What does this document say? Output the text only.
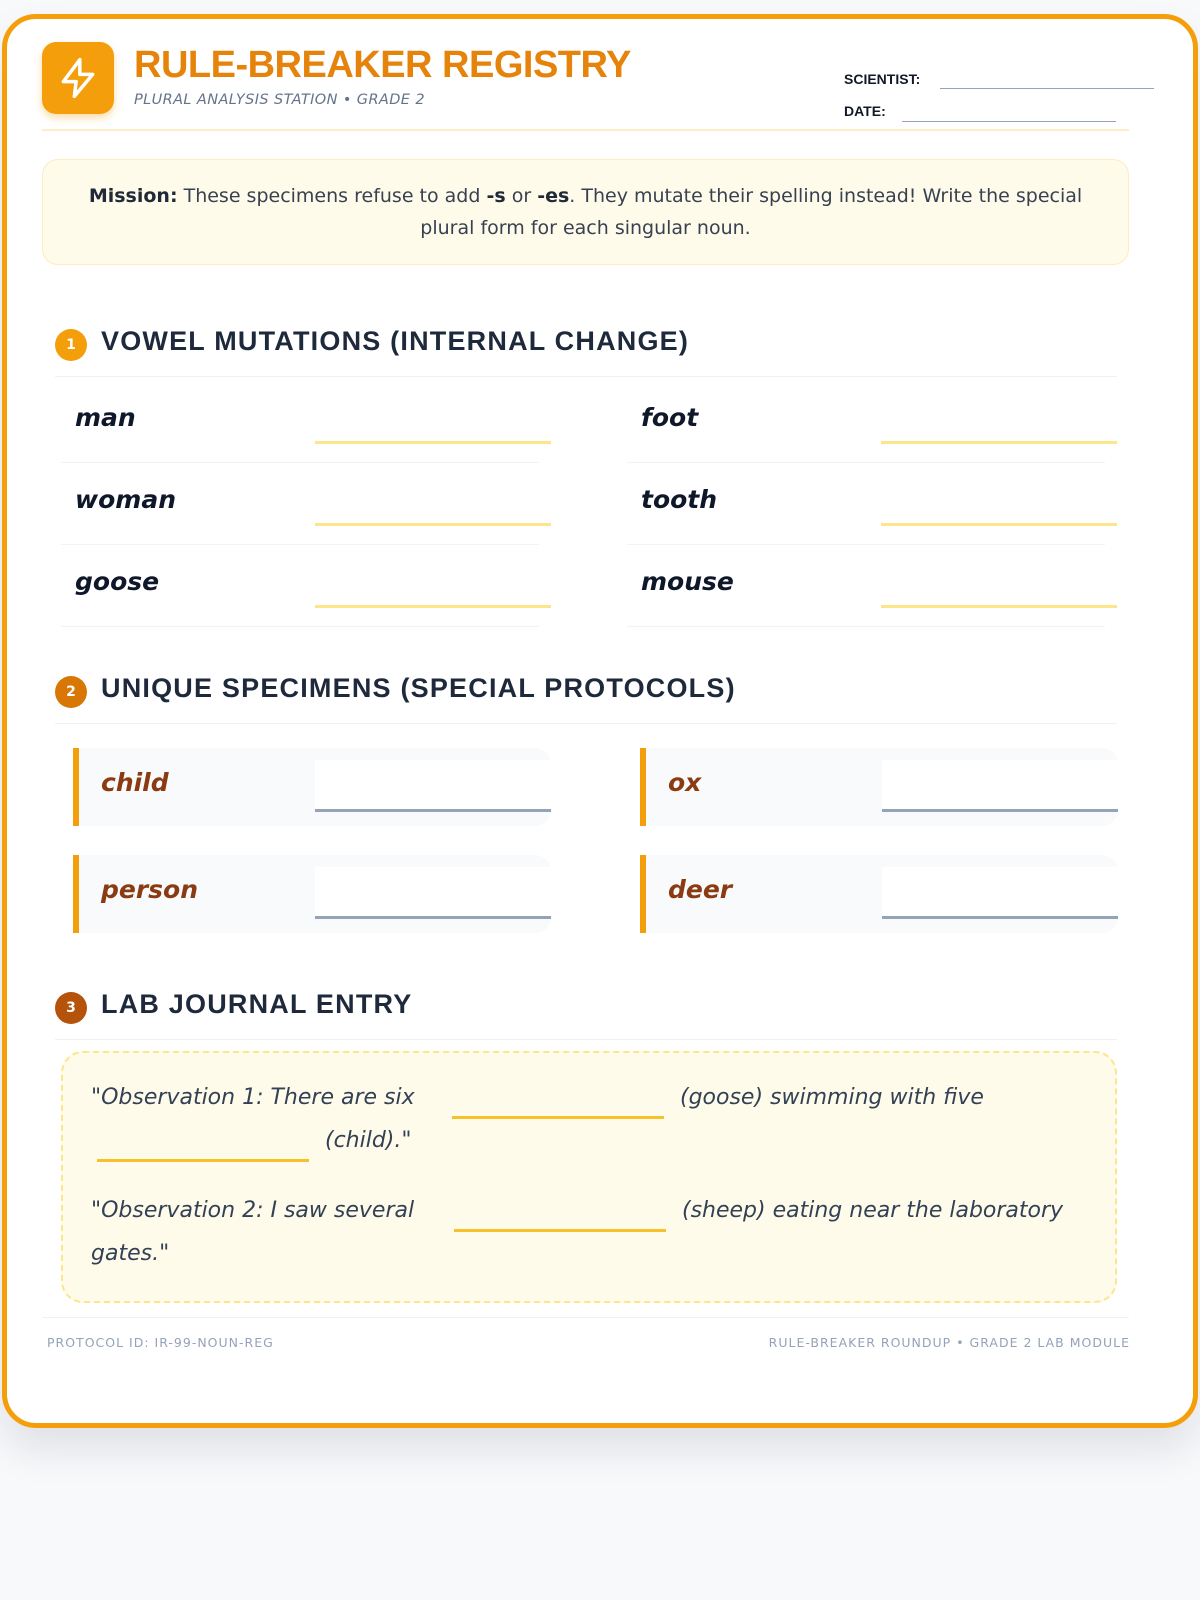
RULE-BREAKER REGISTRY
PLURAL ANALYSIS STATION • GRADE 2
SCIENTIST:
DATE:

Mission: These specimens refuse to add -s or -es. They mutate their spelling instead! Write the special plural form for each singular noun.

1 VOWEL MUTATIONS (INTERNAL CHANGE)
man	foot
woman	tooth
goose	mouse
2 UNIQUE SPECIMENS (SPECIAL PROTOCOLS)
child	ox
person	deer
3 LAB JOURNAL ENTRY
"Observation 1: There are six	(goose) swimming with five
(child)."
"Observation 2: I saw several	(sheep) eating near the laboratory
gates."
PROTOCOL ID: IR-99-NOUN-REG	RULE-BREAKER ROUNDUP • GRADE 2 LAB MODULE
